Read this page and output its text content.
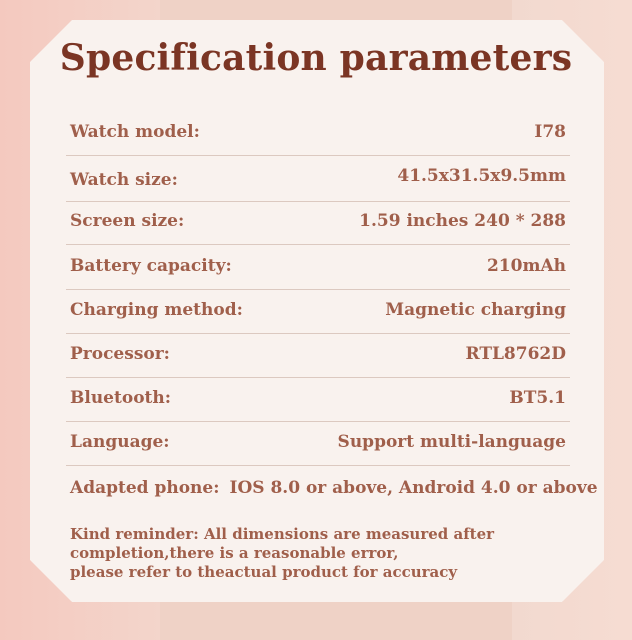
Specification parameters
Watch model:	I78
Watch size:	41.5x31.5x9.5mm
Screen size:	1.59 inches 240 * 288
Battery capacity:	210mAh
Charging method:	Magnetic charging
Processor:	RTL8762D
Bluetooth:	BT5.1
Language:	Support multi-language
Adapted phone: IOS 8.0 or above, Android 4.0 or above
Kind reminder: All dimensions are measured after
completion,there is a reasonable error,
please refer to theactual product for accuracy
